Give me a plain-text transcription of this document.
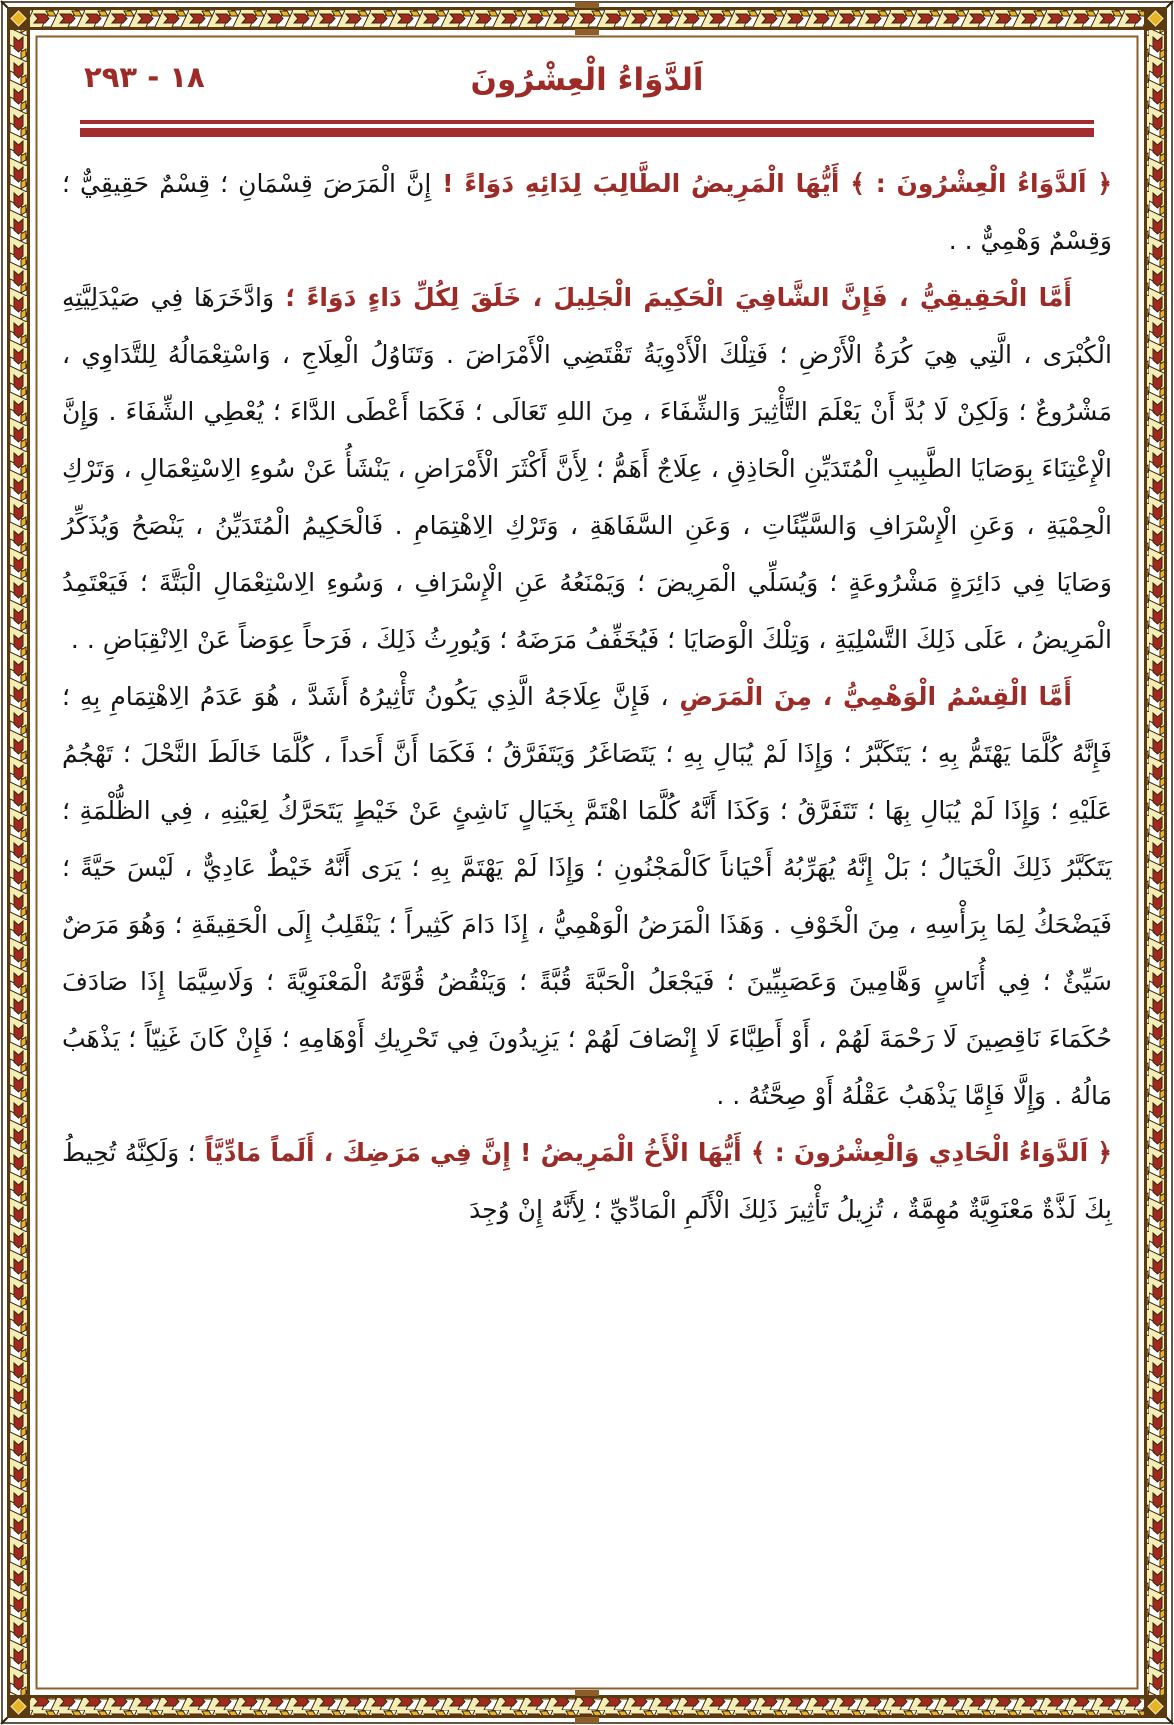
١٨ - ٢٩٣	اَلدَّوَاءُ الْعِشْرُونَ

﴿ اَلدَّوَاءُ الْعِشْرُونَ : ﴾ أَيُّهَا الْمَرِيضُ الطَّالِبَ لِدَائِهِ دَوَاءً ! إِنَّ الْمَرَضَ قِسْمَانِ ؛ قِسْمٌ حَقِيقِيٌّ ؛ وَقِسْمٌ وَهْمِيٌّ . .

أَمَّا الْحَقِيقِيُّ ، فَإِنَّ الشَّافِيَ الْحَكِيمَ الْجَلِيلَ ، خَلَقَ لِكُلِّ دَاءٍ دَوَاءً ؛ وَادَّخَرَهَا فِي صَيْدَلِيَّتِهِ الْكُبْرَى ، الَّتِي هِيَ كُرَةُ الْأَرْضِ ؛ فَتِلْكَ الْأَدْوِيَةُ تَقْتَضِي الْأَمْرَاضَ . وَتَنَاوُلُ الْعِلَاجِ ، وَاسْتِعْمَالُهُ لِلتَّدَاوِي ، مَشْرُوعٌ ؛ وَلَكِنْ لَا بُدَّ أَنْ يَعْلَمَ التَّأْثِيرَ وَالشِّفَاءَ ، مِنَ اللهِ تَعَالَى ؛ فَكَمَا أَعْطَى الدَّاءَ ؛ يُعْطِي الشِّفَاءَ . وَإِنَّ الْإِعْتِنَاءَ بِوَصَايَا الطَّبِيبِ الْمُتَدَيِّنِ الْحَاذِقِ ، عِلَاجٌ أَهَمُّ ؛ لِأَنَّ أَكْثَرَ الْأَمْرَاضِ ، يَنْشَأُ عَنْ سُوءِ الِاسْتِعْمَالِ ، وَتَرْكِ الْحِمْيَةِ ، وَعَنِ الْإِسْرَافِ وَالسَّيِّئَاتِ ، وَعَنِ السَّفَاهَةِ ، وَتَرْكِ الِاهْتِمَامِ . فَالْحَكِيمُ الْمُتَدَيِّنُ ، يَنْصَحُ وَيُذَكِّرُ وَصَايَا فِي دَائِرَةٍ مَشْرُوعَةٍ ؛ وَيُسَلِّي الْمَرِيضَ ؛ وَيَمْنَعُهُ عَنِ الْإِسْرَافِ ، وَسُوءِ الِاسْتِعْمَالِ الْبَتَّةَ ؛ فَيَعْتَمِدُ الْمَرِيضُ ، عَلَى ذَلِكَ التَّسْلِيَةِ ، وَتِلْكَ الْوَصَايَا ؛ فَيُخَفِّفُ مَرَضَهُ ؛ وَيُورِثُ ذَلِكَ ، فَرَحاً عِوَضاً عَنْ الِانْقِبَاضِ . .

أَمَّا الْقِسْمُ الْوَهْمِيُّ ، مِنَ الْمَرَضِ ، فَإِنَّ عِلَاجَهُ الَّذِي يَكُونُ تَأْثِيرُهُ أَشَدَّ ، هُوَ عَدَمُ الِاهْتِمَامِ بِهِ ؛ فَإِنَّهُ كُلَّمَا يَهْتَمُّ بِهِ ؛ يَتَكَبَّرُ ؛ وَإِذَا لَمْ يُبَالِ بِهِ ؛ يَتَصَاغَرُ وَيَتَفَرَّقُ ؛ فَكَمَا أَنَّ أَحَداً ، كُلَّمَا خَالَطَ النَّحْلَ ؛ تَهْجُمُ عَلَيْهِ ؛ وَإِذَا لَمْ يُبَالِ بِهَا ؛ تَتَفَرَّقُ ؛ وَكَذَا أَنَّهُ كُلَّمَا اهْتَمَّ بِخَيَالٍ نَاشِئٍ عَنْ خَيْطٍ يَتَحَرَّكُ لِعَيْنِهِ ، فِي الظُّلْمَةِ ؛ يَتَكَبَّرُ ذَلِكَ الْخَيَالُ ؛ بَلْ إِنَّهُ يُهَرِّبُهُ أَحْيَاناً كَالْمَجْنُونِ ؛ وَإِذَا لَمْ يَهْتَمَّ بِهِ ؛ يَرَى أَنَّهُ خَيْطٌ عَادِيٌّ ، لَيْسَ حَيَّةً ؛ فَيَضْحَكُ لِمَا بِرَأْسِهِ ، مِنَ الْخَوْفِ . وَهَذَا الْمَرَضُ الْوَهْمِيُّ ، إِذَا دَامَ كَثِيراً ؛ يَنْقَلِبُ إِلَى الْحَقِيقَةِ ؛ وَهُوَ مَرَضٌ سَيِّئٌ ؛ فِي أُنَاسٍ وَهَّامِينَ وَعَصَبِيِّينَ ؛ فَيَجْعَلُ الْحَبَّةَ قُبَّةً ؛ وَيَنْقُضُ قُوَّتَهُ الْمَعْنَوِيَّةَ ؛ وَلَاسِيَّمَا إِذَا صَادَفَ حُكَمَاءَ نَاقِصِينَ لَا رَحْمَةَ لَهُمْ ، أَوْ أَطِبَّاءَ لَا إِنْصَافَ لَهُمْ ؛ يَزِيدُونَ فِي تَحْرِيكِ أَوْهَامِهِ ؛ فَإِنْ كَانَ غَنِيّاً ؛ يَذْهَبُ مَالُهُ . وَإِلَّا فَإِمَّا يَذْهَبُ عَقْلُهُ أَوْ صِحَّتُهُ . .

﴿ اَلدَّوَاءُ الْحَادِي وَالْعِشْرُونَ : ﴾ أَيُّهَا الْأَخُ الْمَرِيضُ ! إِنَّ فِي مَرَضِكَ ، أَلَماً مَادِّيَّاً ؛ وَلَكِنَّهُ تُحِيطُ بِكَ لَذَّةٌ مَعْنَوِيَّةٌ مُهِمَّةٌ ، تُزِيلُ تَأْثِيرَ ذَلِكَ الْأَلَمِ الْمَادِّيِّ ؛ لِأَنَّهُ إِنْ وُجِدَ
